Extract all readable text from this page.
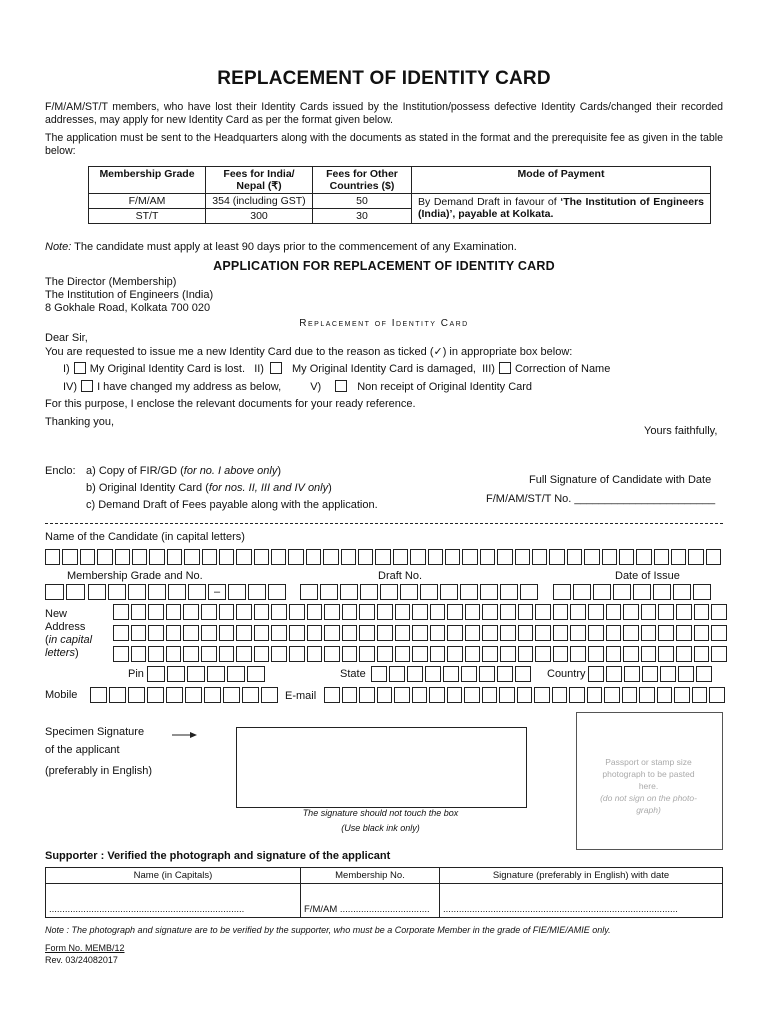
REPLACEMENT OF IDENTITY CARD
F/M/AM/ST/T members, who have lost their Identity Cards issued by the Institution/possess defective Identity Cards/changed their recorded addresses, may apply for new Identity Card as per the format given below.
The application must be sent to the Headquarters along with the documents as stated in the format and the prerequisite fee as given in the table below:
Membership Grade	Fees for India/ Nepal (₹)	Fees for Other Countries ($)	Mode of Payment
F/M/AM	354 (including GST)	50	By Demand Draft in favour of ‘The Institution of Engineers (India)’, payable at Kolkata.
ST/T	300	30	
Note: The candidate must apply at least 90 days prior to the commencement of any Examination.
APPLICATION FOR REPLACEMENT OF IDENTITY CARD
The Director (Membership)
The Institution of Engineers (India)
8 Gokhale Road, Kolkata 700 020
Replacement of Identity Card
Dear Sir,
You are requested to issue me a new Identity Card due to the reason as ticked (✓) in appropriate box below:
I) My Original Identity Card is lost. II)	My Original Identity Card is damaged, III) Correction of Name
IV) I have changed my address as below,	V)	Non receipt of Original Identity Card
For this purpose, I enclose the relevant documents for your ready reference.
Thanking you,
Yours faithfully,
Enclo: a) Copy of FIR/GD (for no. I above only)
b) Original Identity Card (for nos. II, III and IV only)
c) Demand Draft of Fees payable along with the application.
Full Signature of Candidate with Date
F/M/AM/ST/T No. _______________________
Name of the Candidate (in capital letters)
Membership Grade and No.	Draft No.	Date of Issue
–
New
Address
(in capital
letters)
Pin	State	Country
Mobile	E-mail
Specimen Signature
of the applicant
(preferably in English)
The signature should not touch the box
(Use black ink only)
Passport or stamp size
photograph to be pasted
here.
(do not sign on the photo-
graph)
Supporter : Verified the photograph and signature of the applicant
Name (in Capitals)	Membership No.	Signature (preferably in English) with date
..........................................................................	F/M/AM ..................................	.........................................................................................
Note : The photograph and signature are to be verified by the supporter, who must be a Corporate Member in the grade of FIE/MIE/AMIE only.
Form No. MEMB/12
Rev. 03/24082017
